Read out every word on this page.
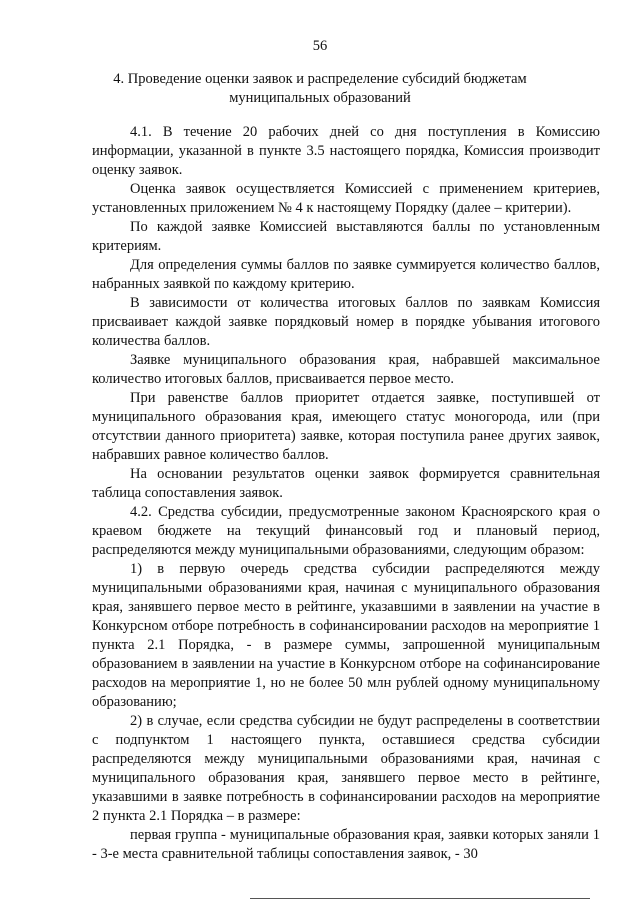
56
4. Проведение оценки заявок и распределение субсидий бюджетам муниципальных образований

4.1. В течение 20 рабочих дней со дня поступления в Комиссию информации, указанной в пункте 3.5 настоящего порядка, Комиссия производит оценку заявок.

Оценка заявок осуществляется Комиссией с применением критериев, установленных приложением № 4 к настоящему Порядку (далее – критерии).

По каждой заявке Комиссией выставляются баллы по установленным критериям.

Для определения суммы баллов по заявке суммируется количество баллов, набранных заявкой по каждому критерию.

В зависимости от количества итоговых баллов по заявкам Комиссия присваивает каждой заявке порядковый номер в порядке убывания итогового количества баллов.

Заявке муниципального образования края, набравшей максимальное количество итоговых баллов, присваивается первое место.

При равенстве баллов приоритет отдается заявке, поступившей от муниципального образования края, имеющего статус моногорода, или (при отсутствии данного приоритета) заявке, которая поступила ранее других заявок, набравших равное количество баллов.

На основании результатов оценки заявок формируется сравнительная таблица сопоставления заявок.

4.2. Средства субсидии, предусмотренные законом Красноярского края о краевом бюджете на текущий финансовый год и плановый период, распределяются между муниципальными образованиями, следующим образом:

1) в первую очередь средства субсидии распределяются между муниципальными образованиями края, начиная с муниципального образования края, занявшего первое место в рейтинге, указавшими в заявлении на участие в Конкурсном отборе потребность в софинансировании расходов на мероприятие 1 пункта 2.1 Порядка, - в размере суммы, запрошенной муниципальным образованием в заявлении на участие в Конкурсном отборе на софинансирование расходов на мероприятие 1, но не более 50 млн рублей одному муниципальному образованию;

2) в случае, если средства субсидии не будут распределены в соответствии с подпунктом 1 настоящего пункта, оставшиеся средства субсидии распределяются между муниципальными образованиями края, начиная с муниципального образования края, занявшего первое место в рейтинге, указавшими в заявке потребность в софинансировании расходов на мероприятие 2 пункта 2.1 Порядка – в размере:

первая группа - муниципальные образования края, заявки которых заняли 1 - 3-е места сравнительной таблицы сопоставления заявок, - 30
